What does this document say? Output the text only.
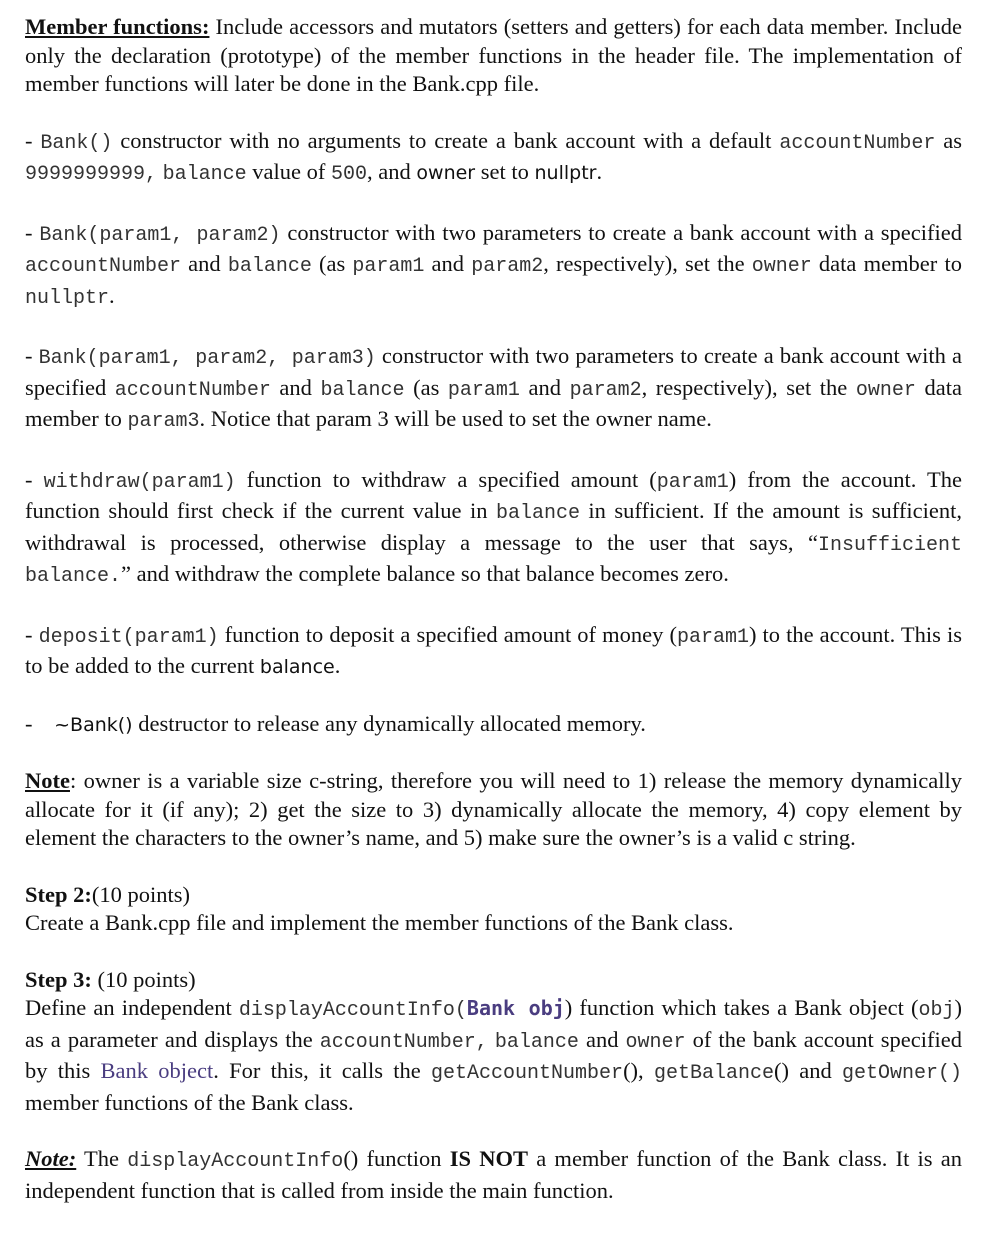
Member functions: Include accessors and mutators (setters and getters) for each data member. Include only the declaration (prototype) of the member functions in the header file. The implementation of member functions will later be done in the Bank.cpp file.

- Bank() constructor with no arguments to create a bank account with a default accountNumber as 9999999999, balance value of 500, and owner set to nullptr.

- Bank(param1, param2) constructor with two parameters to create a bank account with a specified accountNumber and balance (as param1 and param2, respectively), set the owner data member to nullptr.

- Bank(param1, param2, param3) constructor with two parameters to create a bank account with a specified accountNumber and balance (as param1 and param2, respectively), set the owner data member to param3. Notice that param 3 will be used to set the owner name.

- withdraw(param1) function to withdraw a specified amount (param1) from the account. The function should first check if the current value in balance in sufficient. If the amount is sufficient, withdrawal is processed, otherwise display a message to the user that says, “Insufficient balance.” and withdraw the complete balance so that balance becomes zero.

- deposit(param1) function to deposit a specified amount of money (param1) to the account. This is to be added to the current balance.

- ~Bank() destructor to release any dynamically allocated memory.

Note: owner is a variable size c-string, therefore you will need to 1) release the memory dynamically allocate for it (if any); 2) get the size to 3) dynamically allocate the memory, 4) copy element by element the characters to the owner’s name, and 5) make sure the owner’s is a valid c string.

Step 2:(10 points)

Create a Bank.cpp file and implement the member functions of the Bank class.

Step 3: (10 points)

Define an independent displayAccountInfo(Bank obj) function which takes a Bank object (obj) as a parameter and displays the accountNumber, balance and owner of the bank account specified by this Bank object. For this, it calls the getAccountNumber(), getBalance() and getOwner() member functions of the Bank class.

Note: The displayAccountInfo() function IS NOT a member function of the Bank class. It is an independent function that is called from inside the main function.
